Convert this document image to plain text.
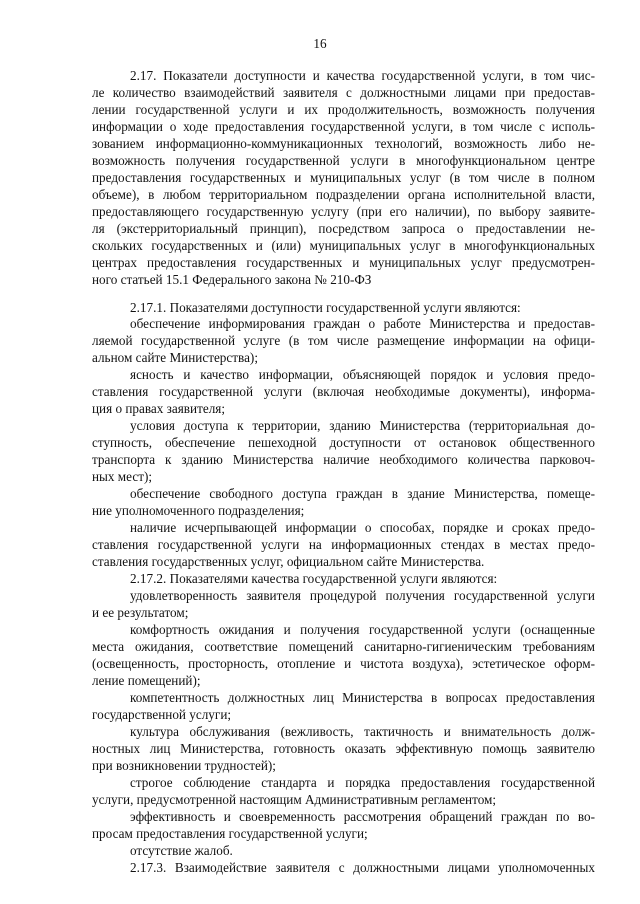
16
2.17. Показатели доступности и качества государственной услуги, в том чис-
ле количество взаимодействий заявителя с должностными лицами при предостав-
лении государственной услуги и их продолжительность, возможность получения
информации о ходе предоставления государственной услуги, в том числе с исполь-
зованием информационно-коммуникационных технологий, возможность либо не-
возможность получения государственной услуги в многофункциональном центре
предоставления государственных и муниципальных услуг (в том числе в полном
объеме), в любом территориальном подразделении органа исполнительной власти,
предоставляющего государственную услугу (при его наличии), по выбору заявите-
ля (экстерриториальный принцип), посредством запроса о предоставлении не-
скольких государственных и (или) муниципальных услуг в многофункциональных
центрах предоставления государственных и муниципальных услуг предусмотрен-
ного статьей 15.1 Федерального закона № 210-ФЗ
2.17.1. Показателями доступности государственной услуги являются:
обеспечение информирования граждан о работе Министерства и предостав-
ляемой государственной услуге (в том числе размещение информации на офици-
альном сайте Министерства);
ясность и качество информации, объясняющей порядок и условия предо-
ставления государственной услуги (включая необходимые документы), информа-
ция о правах заявителя;
условия доступа к территории, зданию Министерства (территориальная до-
ступность, обеспечение пешеходной доступности от остановок общественного
транспорта к зданию Министерства наличие необходимого количества парковоч-
ных мест);
обеспечение свободного доступа граждан в здание Министерства, помеще-
ние уполномоченного подразделения;
наличие исчерпывающей информации о способах, порядке и сроках предо-
ставления государственной услуги на информационных стендах в местах предо-
ставления государственных услуг, официальном сайте Министерства.
2.17.2. Показателями качества государственной услуги являются:
удовлетворенность заявителя процедурой получения государственной услуги
и ее результатом;
комфортность ожидания и получения государственной услуги (оснащенные
места ожидания, соответствие помещений санитарно-гигиеническим требованиям
(освещенность, просторность, отопление и чистота воздуха), эстетическое оформ-
ление помещений);
компетентность должностных лиц Министерства в вопросах предоставления
государственной услуги;
культура обслуживания (вежливость, тактичность и внимательность долж-
ностных лиц Министерства, готовность оказать эффективную помощь заявителю
при возникновении трудностей);
строгое соблюдение стандарта и порядка предоставления государственной
услуги, предусмотренной настоящим Административным регламентом;
эффективность и своевременность рассмотрения обращений граждан по во-
просам предоставления государственной услуги;
отсутствие жалоб.
2.17.3. Взаимодействие заявителя с должностными лицами уполномоченных
